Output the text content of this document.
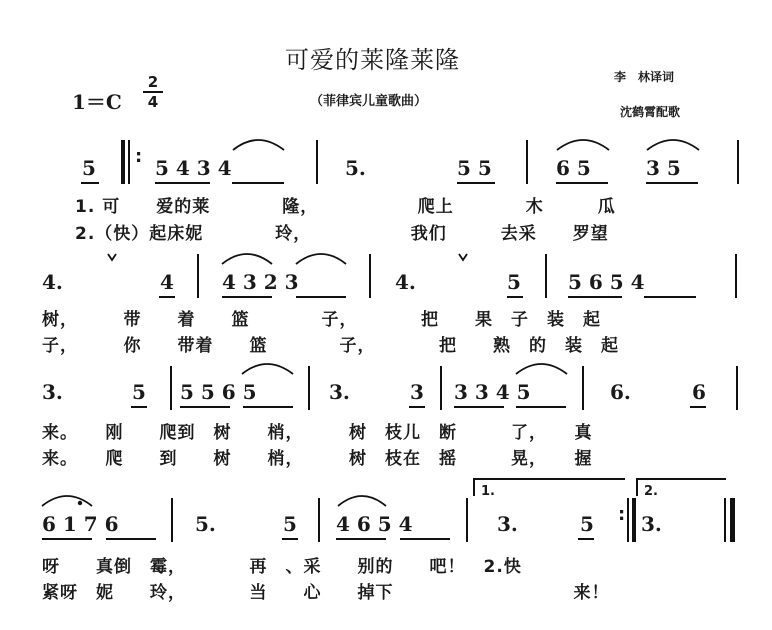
可爱的莱隆莱隆
（菲律宾儿童歌曲）
李　林译词
沈鹤霄配歌
1＝C
2
4
5	5 4 3 4	5.	5 5	6 5	3 5
1. 可　　爱的莱　　　　隆，　　　　　　爬上　　　　木　　　瓜
2.（快）起床妮　　　　玲，　　　　　　我们　　　去采　　罗望
4.	4 4 3 2 3	4.	5 5 6 5 4
树，　　　带　　着　　篮　　　　子，　　　　把　　果　子　装　起
子，　　　你　　带着　　篮　　　　子，　　　　把　　熟　的　装　起
3.	5 5 5 6 5	3.	3 3 3 4 5	6.	6
来。　　刚　　爬到　树　　梢，　　　树　枝儿　断　　　了，　　真
来。　　爬　　到　　树　　梢，　　　树　枝在　摇　　　晃，　　握
6 1 7 6	5.	5 4 6 5 4	3.	5 3.
呀　　真倒　霉，　　　　再　、采　　别的　　吧！　2.快
紧呀　妮　　玲，　　　　当　　心　　掉下　　　　　　　　　　来！
1.	2.
:
:
